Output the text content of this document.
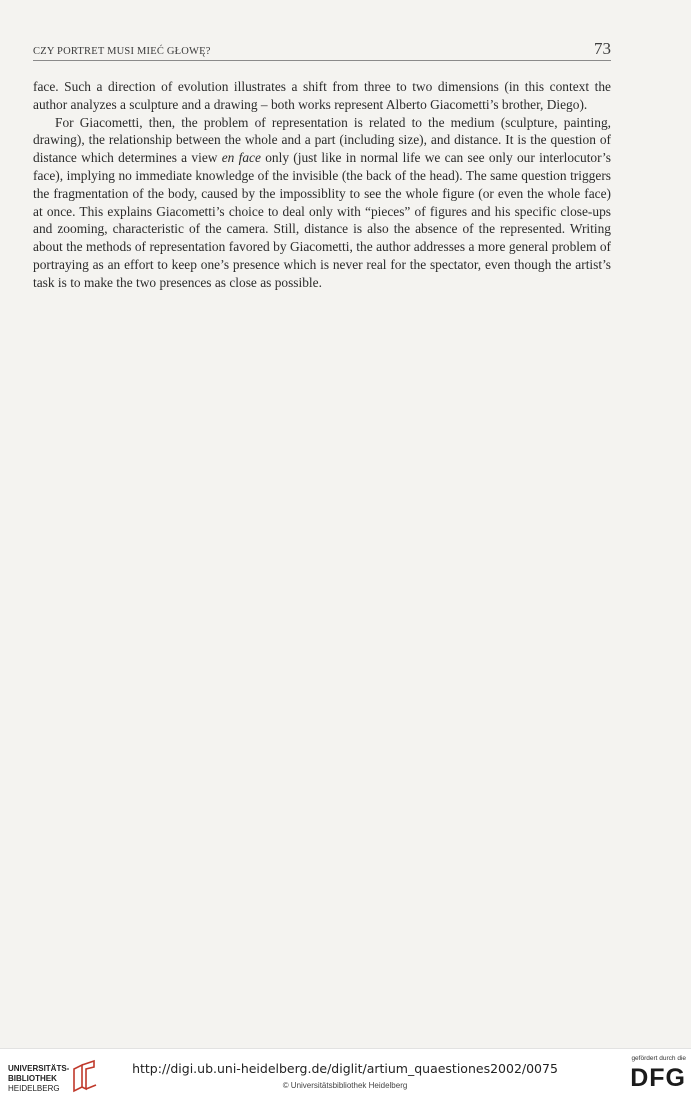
CZY PORTRET MUSI MIEĆ GŁOWĘ?	73

face. Such a direction of evolution illustrates a shift from three to two dimensions (in this context the author analyzes a sculpture and a drawing – both works represent Alberto Giacometti’s brother, Diego).

For Giacometti, then, the problem of representation is related to the medium (sculpture, painting, drawing), the relationship between the whole and a part (including size), and distance. It is the question of distance which determines a view en face only (just like in normal life we can see only our interlocutor’s face), implying no immediate knowledge of the invisible (the back of the head). The same question triggers the fragmentation of the body, caused by the impossiblity to see the whole figure (or even the whole face) at once. This explains Giacometti’s choice to deal only with “pieces” of figures and his specific close-ups and zooming, characteristic of the camera. Still, distance is also the absence of the represented. Writing about the methods of representation favored by Giacometti, the author addresses a more general problem of portraying as an effort to keep one’s presence which is never real for the spectator, even though the artist’s task is to make the two presences as close as possible.

UNIVERSITÄTS-
BIBLIOTHEK
HEIDELBERG
http://digi.ub.uni-heidelberg.de/diglit/artium_quaestiones2002/0075
© Universitätsbibliothek Heidelberg
gefördert durch die
DFG
